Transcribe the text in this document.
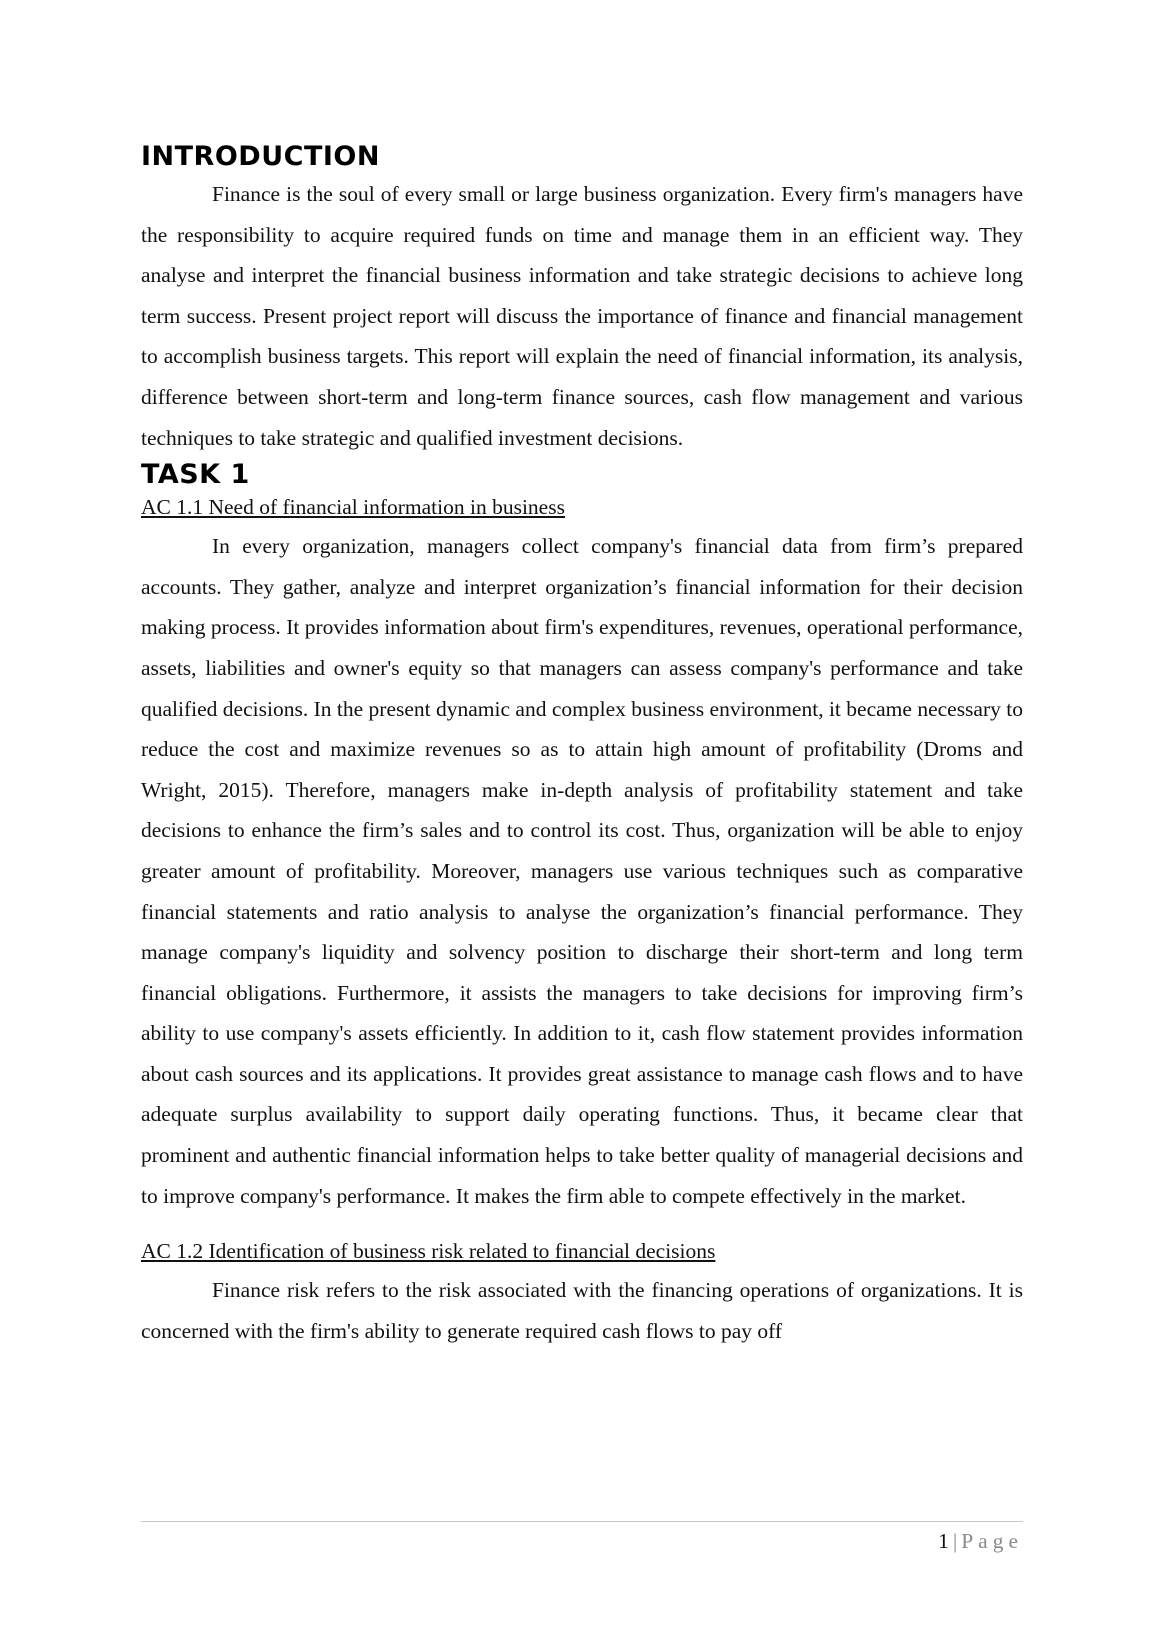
INTRODUCTION

Finance is the soul of every small or large business organization. Every firm's managers have the responsibility to acquire required funds on time and manage them in an efficient way. They analyse and interpret the financial business information and take strategic decisions to achieve long term success. Present project report will discuss the importance of finance and financial management to accomplish business targets. This report will explain the need of financial information, its analysis, difference between short-term and long-term finance sources, cash flow management and various techniques to take strategic and qualified investment decisions.

TASK 1

AC 1.1 Need of financial information in business

In every organization, managers collect company's financial data from firm’s prepared accounts. They gather, analyze and interpret organization’s financial information for their decision making process. It provides information about firm's expenditures, revenues, operational performance, assets, liabilities and owner's equity so that managers can assess company's performance and take qualified decisions. In the present dynamic and complex business environment, it became necessary to reduce the cost and maximize revenues so as to attain high amount of profitability (Droms and Wright, 2015). Therefore, managers make in-depth analysis of profitability statement and take decisions to enhance the firm’s sales and to control its cost. Thus, organization will be able to enjoy greater amount of profitability. Moreover, managers use various techniques such as comparative financial statements and ratio analysis to analyse the organization’s financial performance. They manage company's liquidity and solvency position to discharge their short-term and long term financial obligations. Furthermore, it assists the managers to take decisions for improving firm’s ability to use company's assets efficiently. In addition to it, cash flow statement provides information about cash sources and its applications. It provides great assistance to manage cash flows and to have adequate surplus availability to support daily operating functions. Thus, it became clear that prominent and authentic financial information helps to take better quality of managerial decisions and to improve company's performance. It makes the firm able to compete effectively in the market.

AC 1.2 Identification of business risk related to financial decisions

Finance risk refers to the risk associated with the financing operations of organizations. It is concerned with the firm's ability to generate required cash flows to pay off

1 | Page
